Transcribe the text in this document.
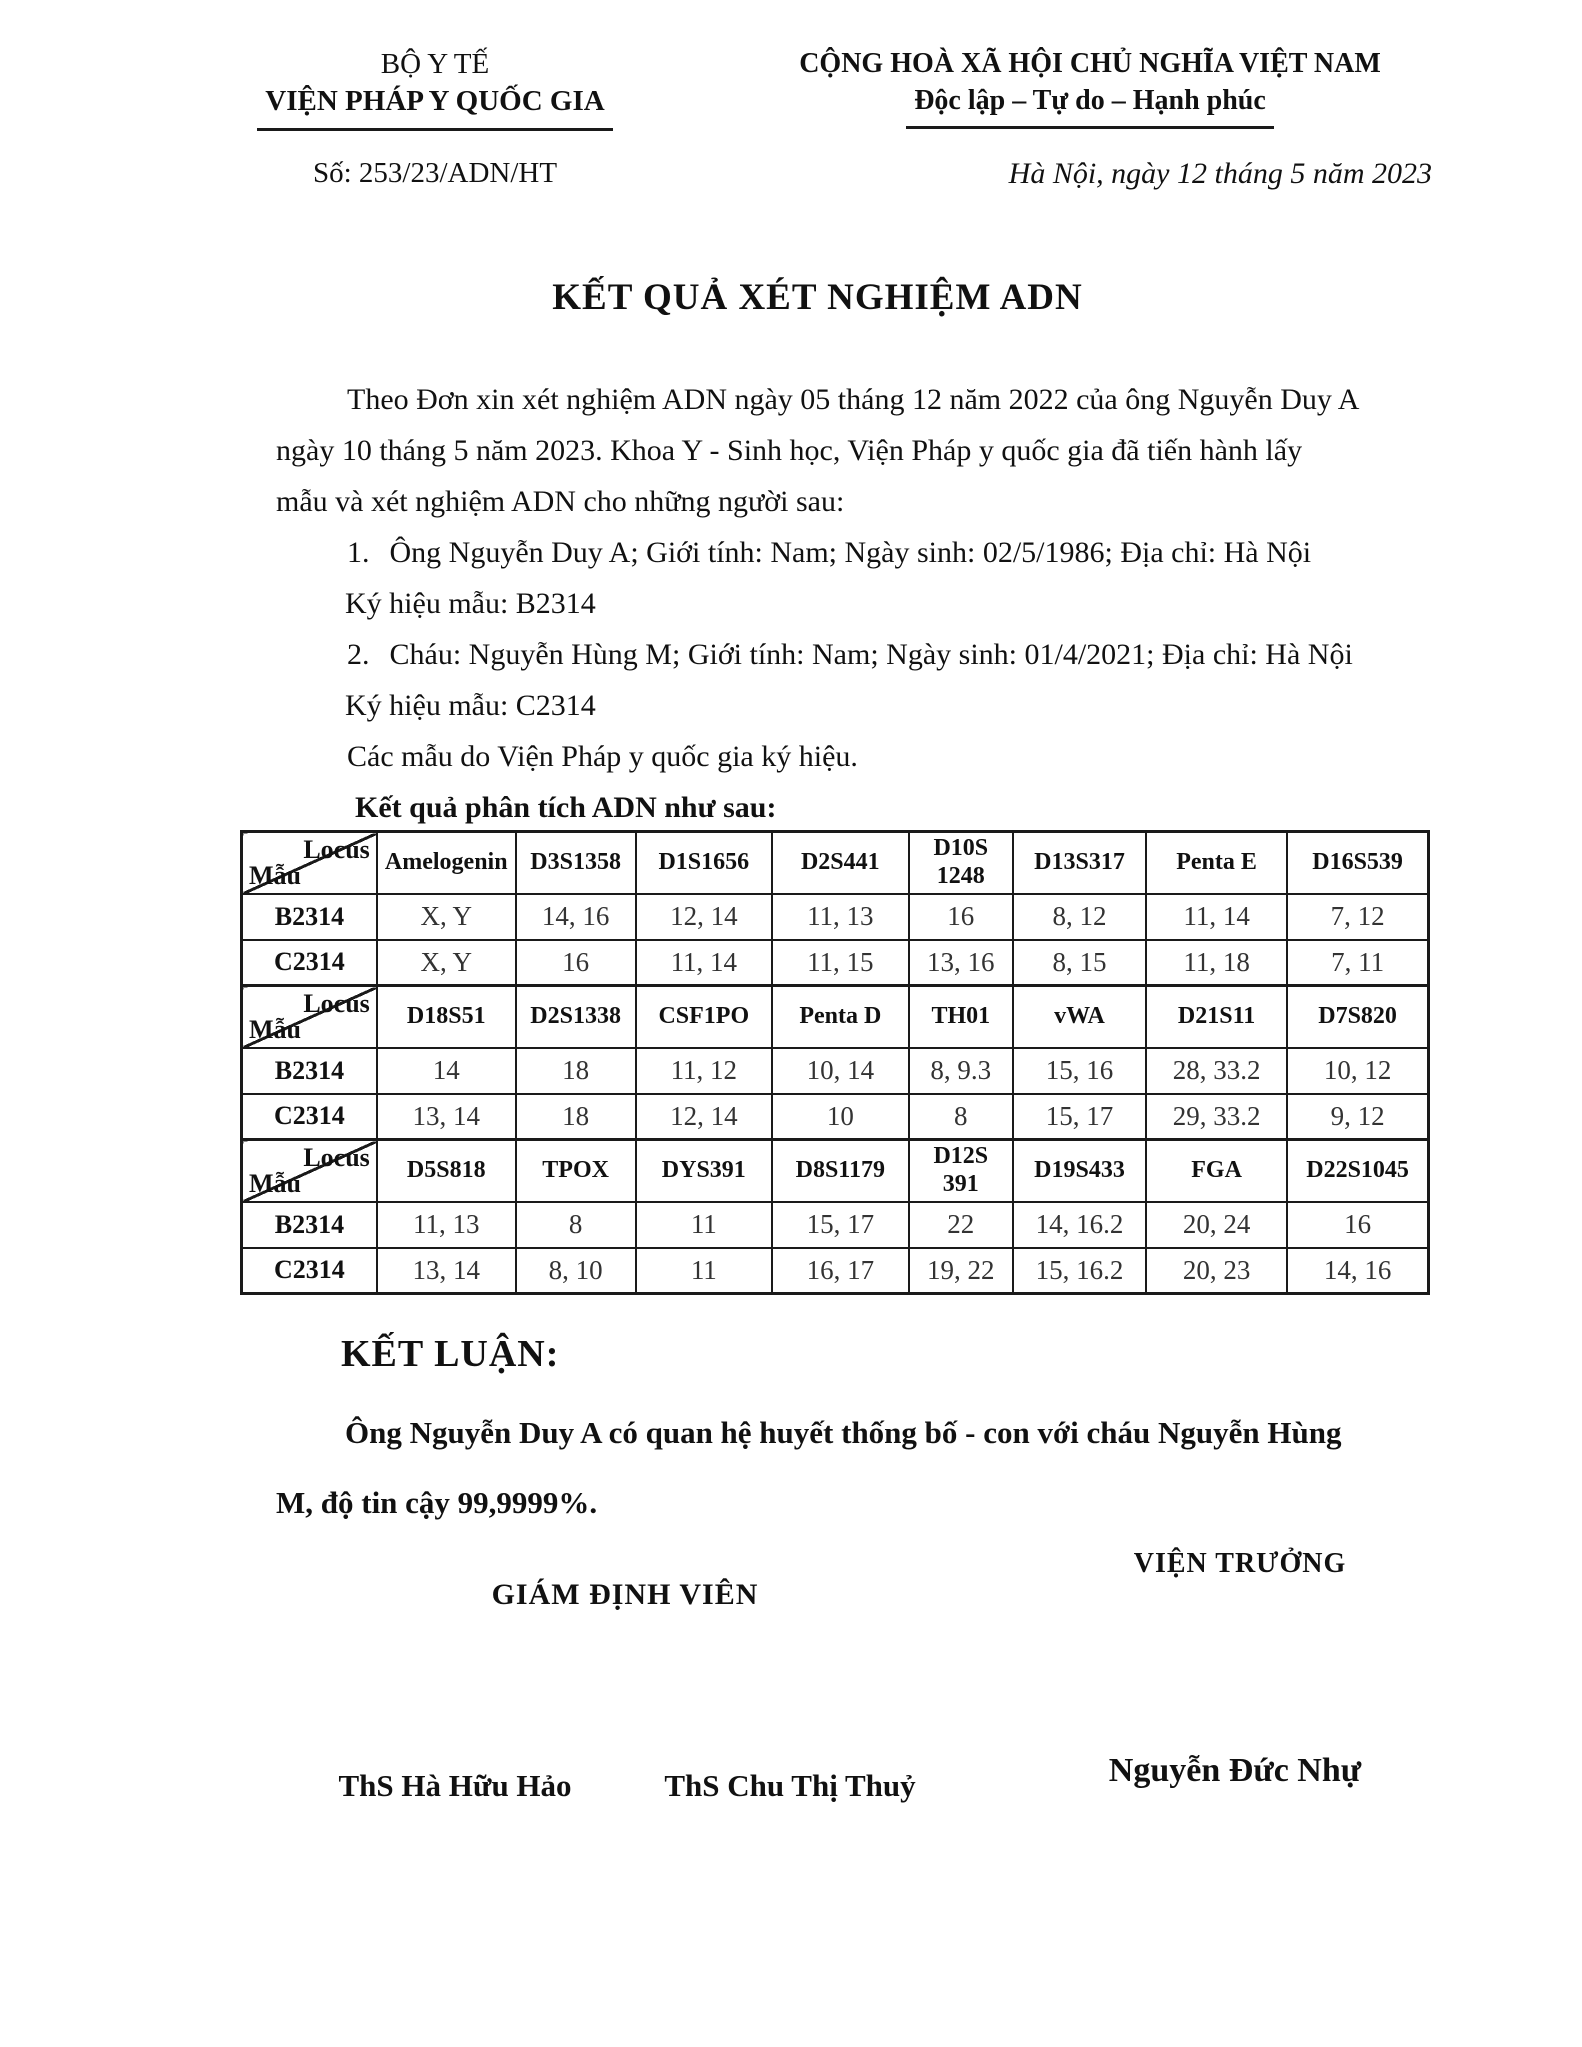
BỘ Y TẾ
VIỆN PHÁP Y QUỐC GIA
Số: 253/23/ADN/HT
CỘNG HOÀ XÃ HỘI CHỦ NGHĨA VIỆT NAM
Độc lập – Tự do – Hạnh phúc
Hà Nội, ngày 12 tháng 5 năm 2023
KẾT QUẢ XÉT NGHIỆM ADN
Theo Đơn xin xét nghiệm ADN ngày 05 tháng 12 năm 2022 của ông Nguyễn Duy A ngày 10 tháng 5 năm 2023. Khoa Y - Sinh học, Viện Pháp y quốc gia đã tiến hành lấy mẫu và xét nghiệm ADN cho những người sau:
1. Ông Nguyễn Duy A; Giới tính: Nam; Ngày sinh: 02/5/1986; Địa chỉ: Hà Nội
Ký hiệu mẫu: B2314
2. Cháu: Nguyễn Hùng M; Giới tính: Nam; Ngày sinh: 01/4/2021; Địa chỉ: Hà Nội
Ký hiệu mẫu: C2314
Các mẫu do Viện Pháp y quốc gia ký hiệu.
Kết quả phân tích ADN như sau:
Locus
Mẫu	Amelogenin	D3S1358	D1S1656	D2S441	D10S1248	D13S317	Penta E	D16S539
B2314	X, Y	14, 16	12, 14	11, 13	16	8, 12	11, 14	7, 12
C2314	X, Y	16	11, 14	11, 15	13, 16	8, 15	11, 18	7, 11
Locus
Mẫu	D18S51	D2S1338	CSF1PO	Penta D	TH01	vWA	D21S11	D7S820
B2314	14	18	11, 12	10, 14	8, 9.3	15, 16	28, 33.2	10, 12
C2314	13, 14	18	12, 14	10	8	15, 17	29, 33.2	9, 12
Locus
Mẫu	D5S818	TPOX	DYS391	D8S1179	D12S391	D19S433	FGA	D22S1045
B2314	11, 13	8	11	15, 17	22	14, 16.2	20, 24	16
C2314	13, 14	8, 10	11	16, 17	19, 22	15, 16.2	20, 23	14, 16
KẾT LUẬN:
Ông Nguyễn Duy A có quan hệ huyết thống bố - con với cháu Nguyễn Hùng M, độ tin cậy 99,9999%.
GIÁM ĐỊNH VIÊN
VIỆN TRƯỞNG
ThS Hà Hữu Hảo	ThS Chu Thị Thuỷ	Nguyễn Đức Nhự
